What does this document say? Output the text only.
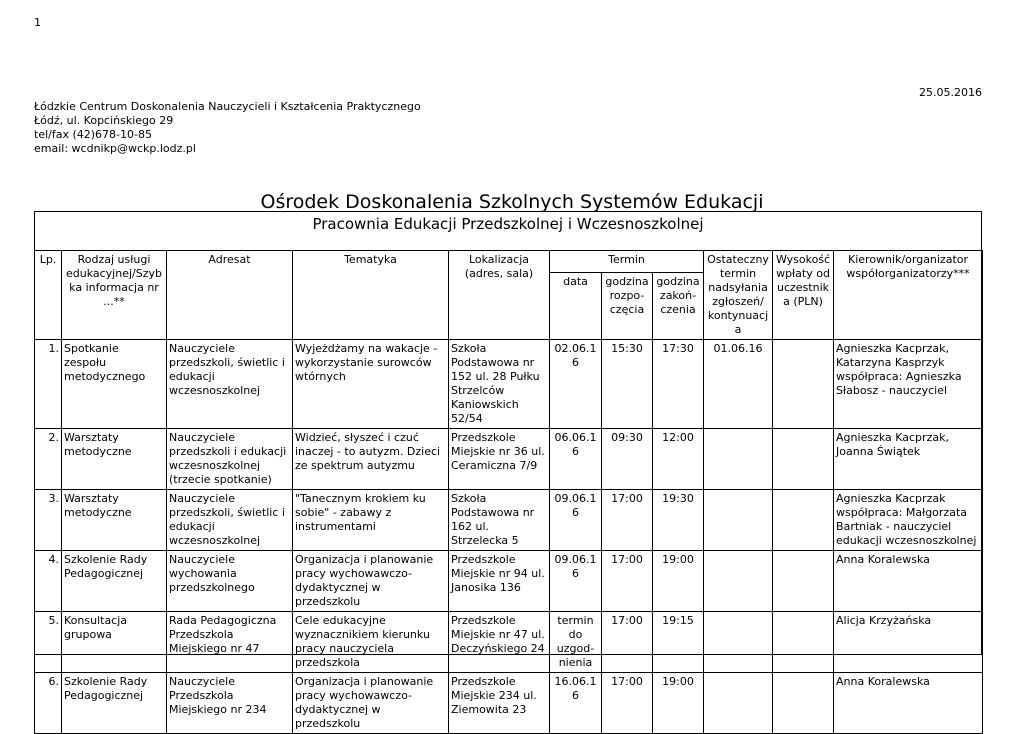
1
25.05.2016
Łódzkie Centrum Doskonalenia Nauczycieli i Kształcenia Praktycznego
Łódź, ul. Kopcińskiego 29
tel/fax (42)678-10-85
email: wcdnikp@wckp.lodz.pl
Ośrodek Doskonalenia Szkolnych Systemów Edukacji
Pracownia Edukacji Przedszkolnej i Wczesnoszkolnej
Lp.	Rodzaj usługi edukacyjnej/Szybka informacja nr ...**	Adresat	Tematyka	Lokalizacja (adres, sala)	Termin			Ostateczny termin nadsyłania zgłoszeń/ kontynuacja	Wysokość wpłaty od uczestnika (PLN)	Kierownik/organizator współorganizatorzy***
					data	godzina rozpo-częcia	godzina zakoń-czenia			
1.	Spotkanie zespołu metodycznego	Nauczyciele przedszkoli, świetlic i edukacji wczesnoszkolnej	Wyjeżdżamy na wakacje - wykorzystanie surowców wtórnych	Szkoła Podstawowa nr 152 ul. 28 Pułku Strzelców Kaniowskich 52/54	02.06.16	15:30	17:30	01.06.16		Agnieszka Kacprzak, Katarzyna Kasprzyk współpraca: Agnieszka Słabosz - nauczyciel
2.	Warsztaty metodyczne	Nauczyciele przedszkoli i edukacji wczesnoszkolnej (trzecie spotkanie)	Widzieć, słyszeć i czuć inaczej - to autyzm. Dzieci ze spektrum autyzmu	Przedszkole Miejskie nr 36 ul. Ceramiczna 7/9	06.06.16	09:30	12:00			Agnieszka Kacprzak, Joanna Świątek
3.	Warsztaty metodyczne	Nauczyciele przedszkoli, świetlic i edukacji wczesnoszkolnej	"Tanecznym krokiem ku sobie" - zabawy z instrumentami	Szkoła Podstawowa nr 162 ul. Strzelecka 5	09.06.16	17:00	19:30			Agnieszka Kacprzak współpraca: Małgorzata Bartniak - nauczyciel edukacji wczesnoszkolnej
4.	Szkolenie Rady Pedagogicznej	Nauczyciele wychowania przedszkolnego	Organizacja i planowanie pracy wychowawczo-dydaktycznej w przedszkolu	Przedszkole Miejskie nr 94 ul. Janosika 136	09.06.16	17:00	19:00			Anna Koralewska
5.	Konsultacja grupowa	Rada Pedagogiczna Przedszkola Miejskiego nr 47	Cele edukacyjne wyznacznikiem kierunku pracy nauczyciela przedszkola	Przedszkole Miejskie nr 47 ul. Deczyńskiego 24	termin do uzgod-nienia	17:00	19:15			Alicja Krzyżańska
6.	Szkolenie Rady Pedagogicznej	Nauczyciele Przedszkola Miejskiego nr 234	Organizacja i planowanie pracy wychowawczo-dydaktycznej w przedszkolu	Przedszkole Miejskie 234 ul. Ziemowita 23	16.06.16	17:00	19:00			Anna Koralewska
